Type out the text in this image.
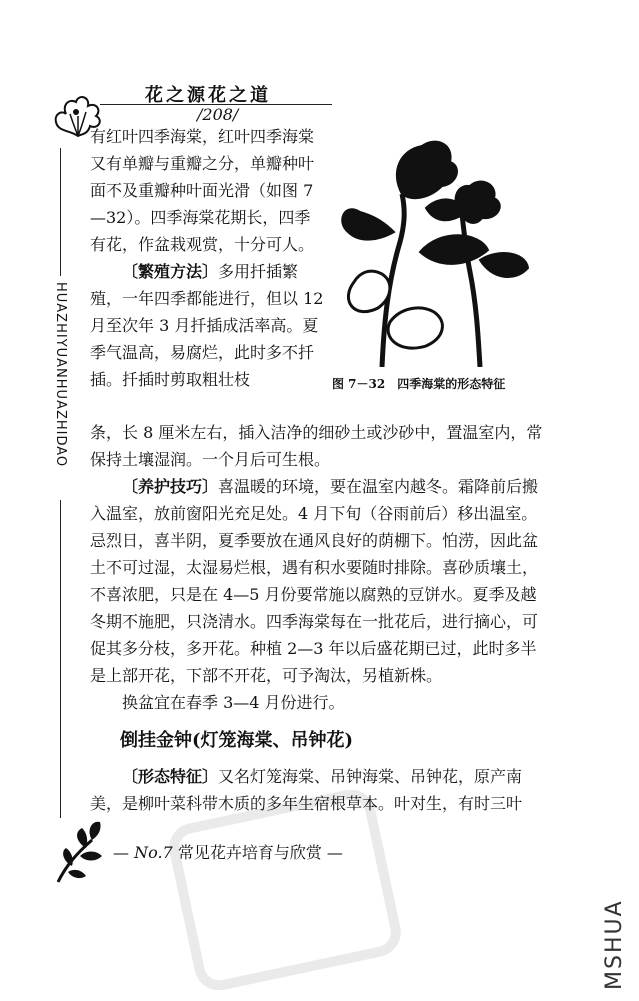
花之源花之道
/208/
HUAZHIYUANHUAZHIDAO

有红叶四季海棠，红叶四季海棠又有单瓣与重瓣之分，单瓣种叶面不及重瓣种叶面光滑（如图 7—32）。四季海棠花期长，四季有花，作盆栽观赏，十分可人。

〔繁殖方法〕多用扦插繁殖，一年四季都能进行，但以 12 月至次年 3 月扦插成活率高。夏季气温高，易腐烂，此时多不扦插。扦插时剪取粗壮枝	图 7－32　四季海棠的形态特征

条，长 8 厘米左右，插入洁净的细砂土或沙砂中，置温室内，常保持土壤湿润。一个月后可生根。

〔养护技巧〕喜温暖的环境，要在温室内越冬。霜降前后搬入温室，放前窗阳光充足处。4 月下旬（谷雨前后）移出温室。忌烈日，喜半阴，夏季要放在通风良好的荫棚下。怕涝，因此盆土不可过湿，太湿易烂根，遇有积水要随时排除。喜砂质壤土，不喜浓肥，只是在 4—5 月份要常施以腐熟的豆饼水。夏季及越冬期不施肥，只浇清水。四季海棠每在一批花后，进行摘心，可促其多分枝，多开花。种植 2—3 年以后盛花期已过，此时多半是上部开花，下部不开花，可予淘汰，另植新株。

换盆宜在春季 3—4 月份进行。

倒挂金钟(灯笼海棠、吊钟花)

〔形态特征〕又名灯笼海棠、吊钟海棠、吊钟花，原产南美，是柳叶菜科带木质的多年生宿根草本。叶对生，有时三叶

— No.7 常见花卉培育与欣赏 —
MSHUA
